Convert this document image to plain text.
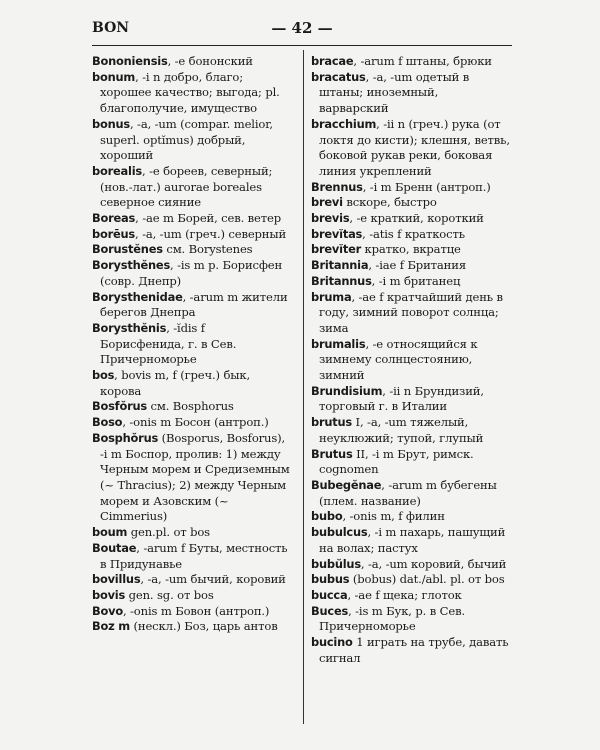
BON	— 42 —
Bononiensis, -e бононский
bonum, -i n добро, благо; хорошее качество; выгода; pl. благополучие, имущество
bonus, -a, -um (compar. melior, superl. optĭmus) добрый, хороший
borealis, -e бореев, северный; (нов.-лат.) aurorae boreales северное сияние
Boreas, -ae m Борей, сев. ветер
borēus, -a, -um (греч.) северный
Borustĕnes см. Borystenes
Borysthĕnes, -is m р. Борисфен (совр. Днепр)
Borysthenidae, -arum m жители берегов Днепра
Borysthĕnis, -ĭdis f Борисфенида, г. в Сев. Причерноморье
bos, bovis m, f (греч.) бык, корова
Bosfŏrus см. Bosphorus
Boso, -onis m Босон (антроп.)
Bosphŏrus (Bosporus, Bosforus), -i m Боспор, пролив: 1) между Черным морем и Средиземным (~ Thracius); 2) между Черным морем и Азовским (~ Cimmerius)
boum gen.pl. от bos
Boutae, -arum f Буты, местность в Придунавье
bovillus, -a, -um бычий, коровий
bovis gen. sg. от bos
Bovo, -onis m Бовон (антроп.)
Boz m (нескл.) Боз, царь антов
bracae, -arum f штаны, брюки
bracatus, -a, -um одетый в штаны; иноземный, варварский
bracchium, -ii n (греч.) рука (от локтя до кисти); клешня, ветвь, боковой рукав реки, боковая линия укреплений
Brennus, -i m Бренн (антроп.)
brevi вскоре, быстро
brevis, -e краткий, короткий
brevĭtas, -atis f краткость
brevĭter кратко, вкратце
Britannia, -iae f Британия
Britannus, -i m британец
bruma, -ae f кратчайший день в году, зимний поворот солнца; зима
brumalis, -e относящийся к зимнему солнцестоянию, зимний
Brundisium, -ii n Брундизий, торговый г. в Италии
brutus I, -a, -um тяжелый, неуклюжий; тупой, глупый
Brutus II, -i m Брут, римск. cognomen
Bubegĕnae, -arum m бубегены (плем. название)
bubo, -onis m, f филин
bubulcus, -i m пахарь, пашущий на волах; пастух
bubŭlus, -a, -um коровий, бычий
bubus (bobus) dat./abl. pl. от bos
bucca, -ae f щека; глоток
Buces, -is m Бук, р. в Сев. Причерноморье
bucino 1 играть на трубе, давать сигнал
